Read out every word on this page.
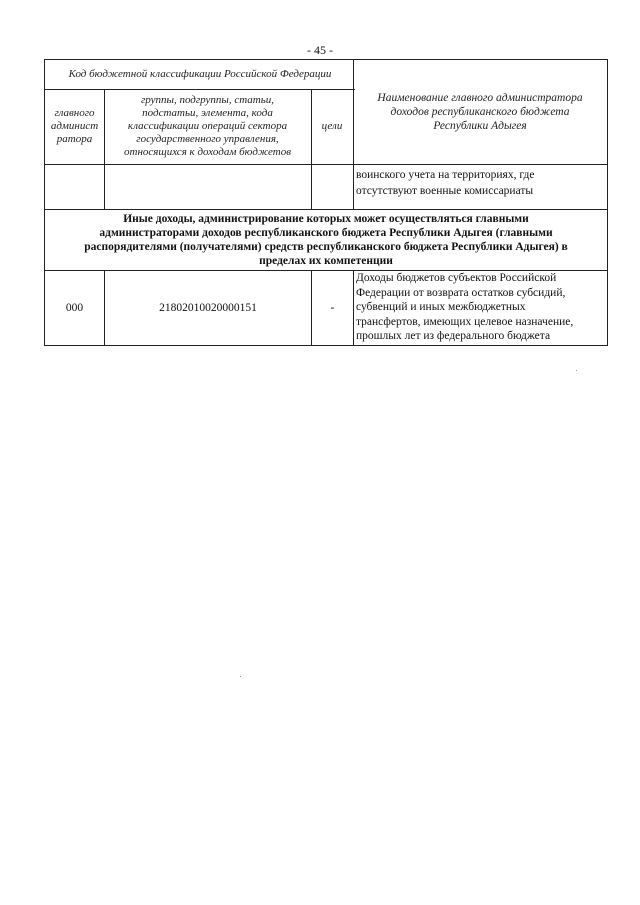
- 45 -
Код бюджетной классификации Российской Федерации
главного
админист
ратора
группы, подгруппы, статьи,
подстатьи, элемента, кода
классификации операций сектора
государственного управления,
относящихся к доходам бюджетов
цели
Наименование главного администратора
доходов республиканского бюджета
Республики Адыгея
воинского учета на территориях, где
отсутствуют военные комиссариаты
Иные доходы, администрирование которых может осуществляться главными
администраторами доходов республиканского бюджета Республики Адыгея (главными
распорядителями (получателями) средств республиканского бюджета Республики Адыгея) в
пределах их компетенции
000	21802010020000151	-
Доходы бюджетов субъектов Российской
Федерации от возврата остатков субсидий,
субвенций и иных межбюджетных
трансфертов, имеющих целевое назначение,
прошлых лет из федерального бюджета
